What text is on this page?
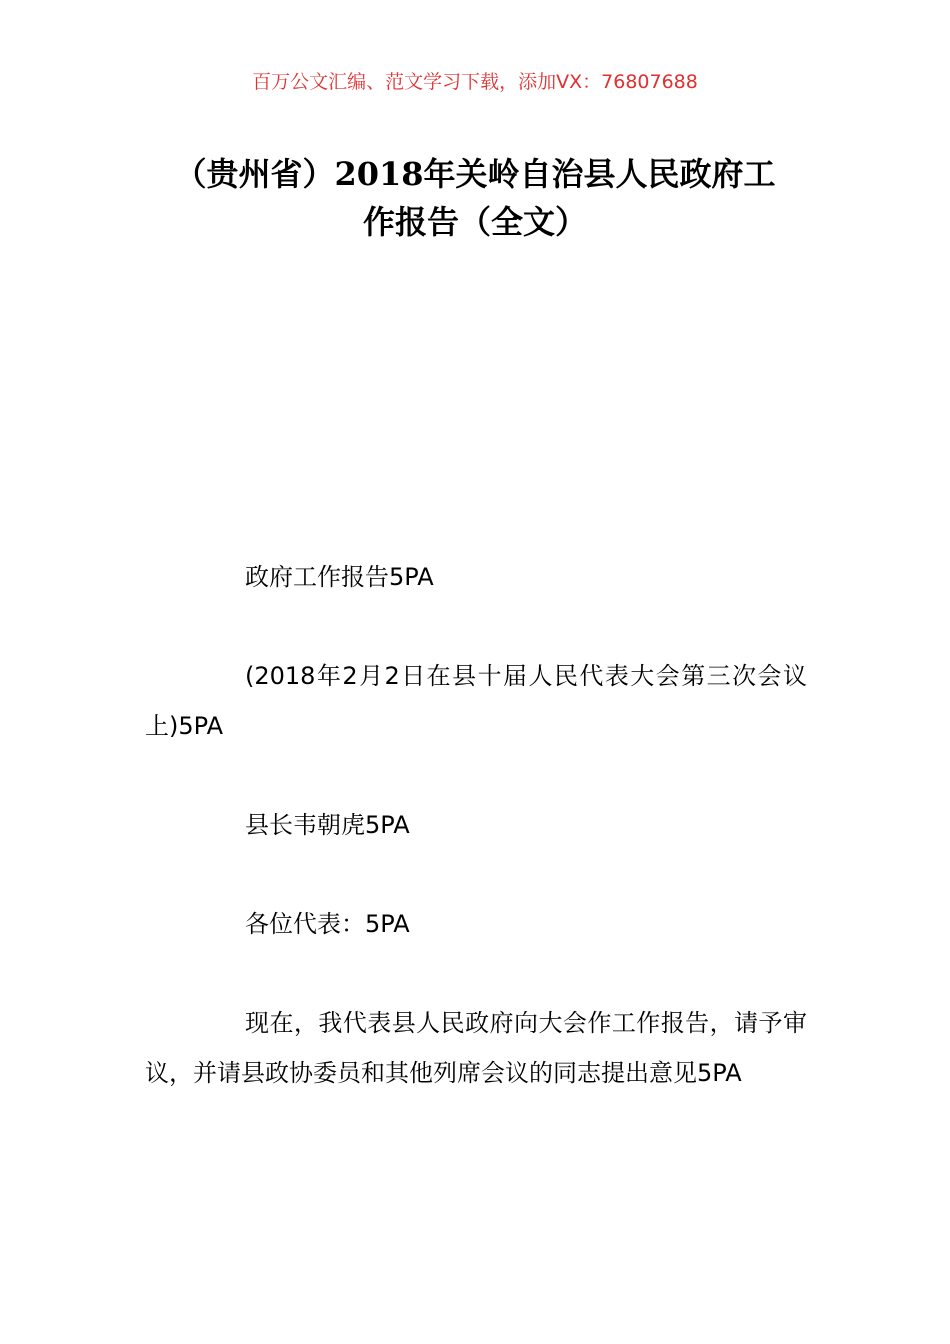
百万公文汇编、范文学习下载，添加VX：76807688
（贵州省）2018年关岭自治县人民政府工
作报告（全文）

政府工作报告5PA

(2018年2月2日在县十届人民代表大会第三次会议上)5PA

县长韦朝虎5PA

各位代表：5PA

现在，我代表县人民政府向大会作工作报告，请予审议，并请县政协委员和其他列席会议的同志提出意见5PA
